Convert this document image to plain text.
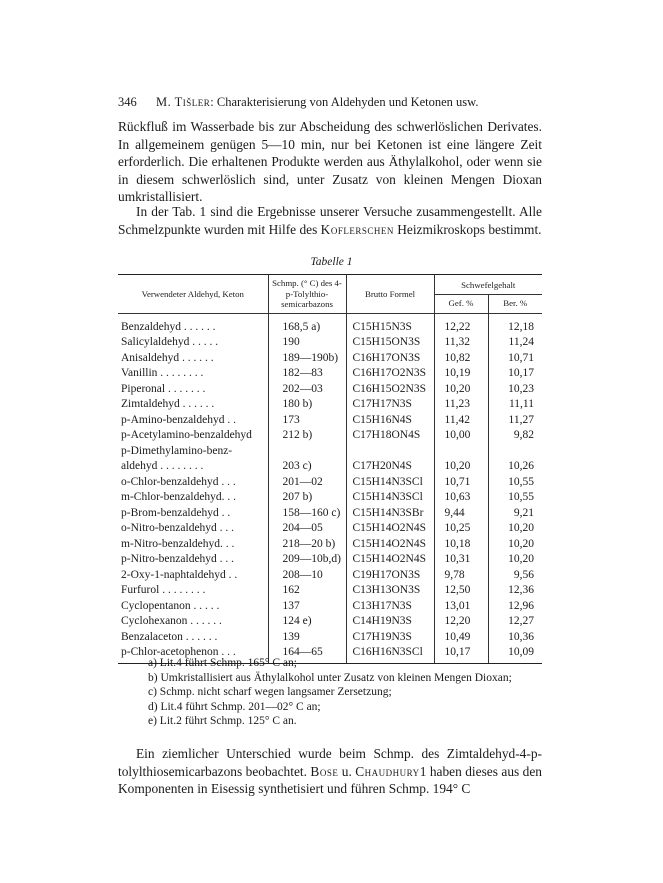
346 M. Tišler: Charakterisierung von Aldehyden und Ketonen usw.

Rückfluß im Wasserbade bis zur Abscheidung des schwerlöslichen Derivates. In allgemeinem genügen 5—10 min, nur bei Ketonen ist eine längere Zeit erforderlich. Die erhaltenen Produkte werden aus Äthylalkohol, oder wenn sie in diesem schwerlöslich sind, unter Zusatz von kleinen Mengen Dioxan umkristallisiert.

In der Tab. 1 sind die Ergebnisse unserer Versuche zusammengestellt. Alle Schmelzpunkte wurden mit Hilfe des Koflerschen Heizmikroskops bestimmt.

Tabelle 1
Verwendeter Aldehyd, Keton	Schmp. (° C) des 4-p-Tolylthio-semicarbazons	Brutto Formel	Schwefelgehalt	
			Gef. %	Ber. %
Benzaldehyd . . . . . .	168,5 a)	C15H15N3S	12,22	12,18
Salicylaldehyd . . . . .	190	C15H15ON3S	11,32	11,24
Anisaldehyd . . . . . .	189—190b)	C16H17ON3S	10,82	10,71
Vanillin . . . . . . . .	182—83	C16H17O2N3S	10,19	10,17
Piperonal . . . . . . .	202—03	C16H15O2N3S	10,20	10,23
Zimtaldehyd . . . . . .	180 b)	C17H17N3S	11,23	11,11
p-Amino-benzaldehyd . .	173	C15H16N4S	11,42	11,27
p-Acetylamino-benzaldehyd	212 b)	C17H18ON4S	10,00	9,82
p-Dimethylamino-benz-				
aldehyd . . . . . . . .	203 c)	C17H20N4S	10,20	10,26
o-Chlor-benzaldehyd . . .	201—02	C15H14N3SCl	10,71	10,55
m-Chlor-benzaldehyd. . .	207 b)	C15H14N3SCl	10,63	10,55
p-Brom-benzaldehyd . .	158—160 c)	C15H14N3SBr	9,44	9,21
o-Nitro-benzaldehyd . . .	204—05	C15H14O2N4S	10,25	10,20
m-Nitro-benzaldehyd. . .	218—20 b)	C15H14O2N4S	10,18	10,20
p-Nitro-benzaldehyd . . .	209—10b,d)	C15H14O2N4S	10,31	10,20
2-Oxy-1-naphtaldehyd . .	208—10	C19H17ON3S	9,78	9,56
Furfurol . . . . . . . .	162	C13H13ON3S	12,50	12,36
Cyclopentanon . . . . .	137	C13H17N3S	13,01	12,96
Cyclohexanon . . . . . .	124 e)	C14H19N3S	12,20	12,27
Benzalaceton . . . . . .	139	C17H19N3S	10,49	10,36
p-Chlor-acetophenon . . .	164—65	C16H16N3SCl	10,17	10,09
a) Lit.4 führt Schmp. 165° C an;
b) Umkristallisiert aus Äthylalkohol unter Zusatz von kleinen Mengen Dioxan;
c) Schmp. nicht scharf wegen langsamer Zersetzung;
d) Lit.4 führt Schmp. 201—02° C an;
e) Lit.2 führt Schmp. 125° C an.

Ein ziemlicher Unterschied wurde beim Schmp. des Zimtaldehyd-4-p-tolylthiosemicarbazons beobachtet. Bose u. Chaudhury1 haben dieses aus den Komponenten in Eisessig synthetisiert und führen Schmp. 194° C
